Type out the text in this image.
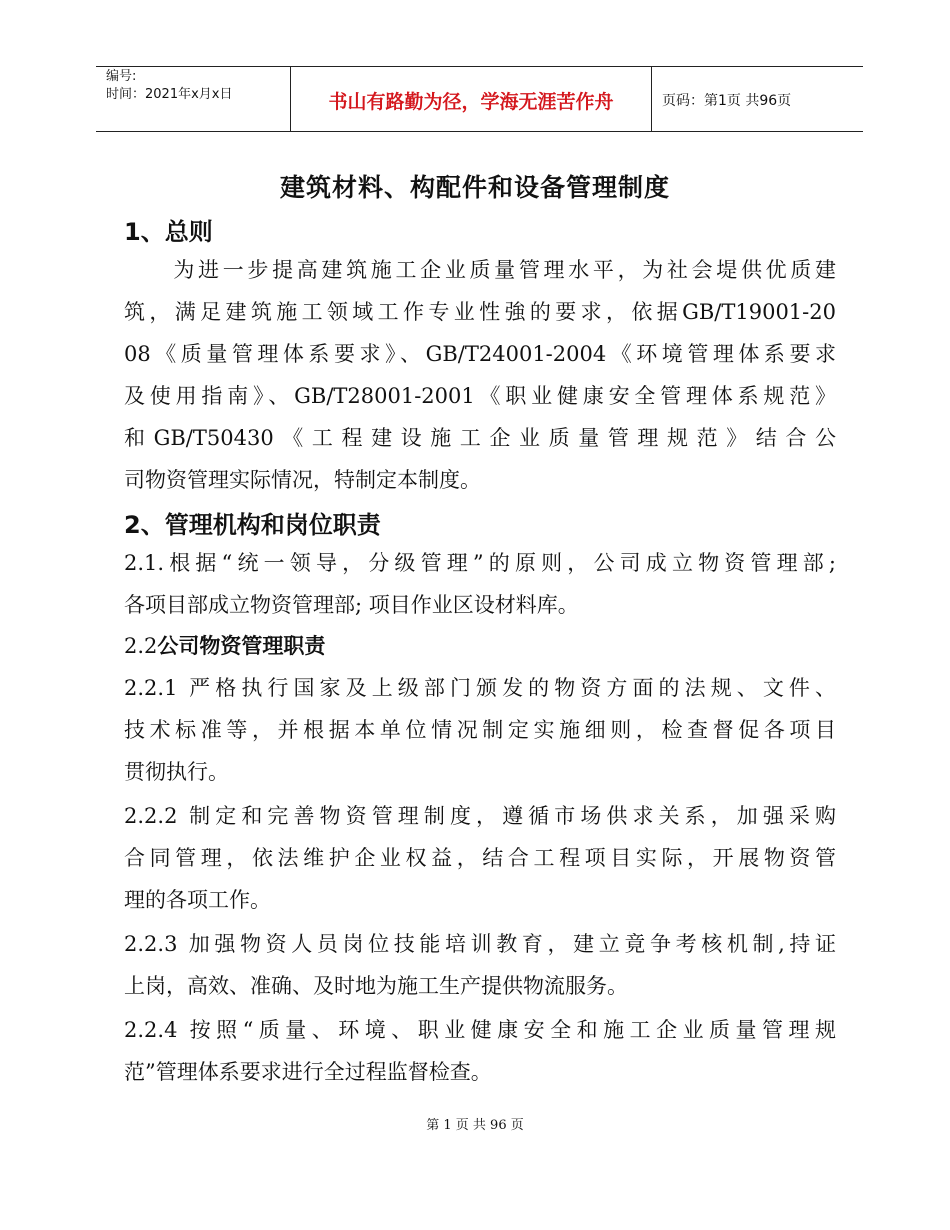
编号:
时间：2021年x月x日	书山有路勤为径，学海无涯苦作舟	页码：第1页 共96页
建筑材料、构配件和设备管理制度
1、总则
　　为进一步提高建筑施工企业质量管理水平，为社会堤供优质建
筑，满足建筑施工领域工作专业性強的要求，依据GB/T19001-20
08《质量管理体系要求》、GB/T24001-2004《环境管理体系要求
及使用指南》、GB/T28001-2001《职业健康安全管理体系规范》
和GB/T50430《工程建设施工企业质量管理规范》结合公
司物资管理实际情况，特制定本制度。
2、管理机构和岗位职责
2.1.根据“统一领导，分级管理”的原则，公司成立物资管理部;
各项目部成立物资管理部; 项目作业区设材料库。
2.2公司物资管理职责
2.2.1 严格执行国家及上级部门颁发的物资方面的法规、文件、
技术标准等，并根据本单位情况制定实施细则，检查督促各项目
贯彻执行。
2.2.2 制定和完善物资管理制度，遵循市场供求关系，加强采购
合同管理，依法维护企业权益，结合工程项目实际，开展物资管
理的各项工作。
2.2.3 加强物资人员岗位技能培训教育，建立竟争考核机制,持证
上岗，高效、准确、及时地为施工生产提供物流服务。
2.2.4 按照“质量、环境、职业健康安全和施工企业质量管理规
范”管理体系要求进行全过程监督检查。
第 1 页 共 96 页
